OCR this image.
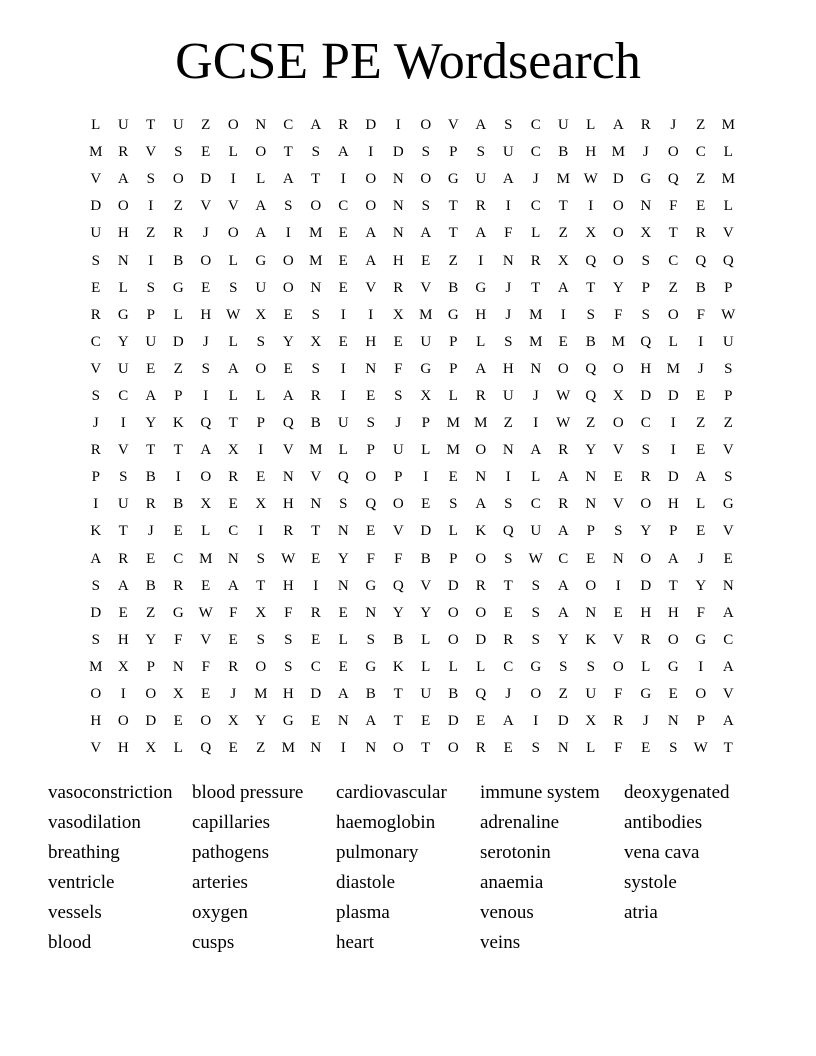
GCSE PE Wordsearch
L	U	T	U	Z	O	N	C	A	R	D	I	O	V	A	S	C	U	L	A	R	J	Z	M
M	R	V	S	E	L	O	T	S	A	I	D	S	P	S	U	C	B	H	M	J	O	C	L
V	A	S	O	D	I	L	A	T	I	O	N	O	G	U	A	J	M W	D	G	Q	Z	M
D	O	I	Z	V	V	A	S	O	C	O	N	S	T	R	I	C	T	I	O	N	F	E	L
U	H	Z	R	J	O	A	I	M	E	A	N	A	T	A	F	L	Z	X	O	X	T	R	V
S	N	I	B	O	L	G	O	M	E	A	H	E	Z	I	N	R	X	Q	O	S	C	Q	Q
E	L	S	G	E	S	U	O	N	E	V	R	V	B	G	J	T	A	T	Y	P	Z	B	P
R	G	P	L	H W	X	E	S	I	I	X	M	G	H	J	M	I	S	F	S	O	F	W
C	Y	U	D	J	L	S	Y	X	E	H	E	U	P	L	S	M	E	B	M	Q	L	I	U
V	U	E	Z	S	A	O	E	S	I	N	F	G	P	A	H	N	O	Q	O	H	M	J	S
S	C	A	P	I	L	L	A	R	I	E	S	X	L	R	U	J	W	Q	X	D	D	E	P
J	I	Y	K	Q	T	P	Q	B	U	S	J	P	M M	Z	I	W	Z	O	C	I	Z	Z
R	V	T	T	A	X	I	V	M	L	P	U	L	M	O	N	A	R	Y	V	S	I	E	V
P	S	B	I	O	R	E	N	V	Q	O	P	I	E	N	I	L	A	N	E	R	D	A	S
I	U	R	B	X	E	X	H	N	S	Q	O	E	S	A	S	C	R	N	V	O	H	L	G
K	T	J	E	L	C	I	R	T	N	E	V	D	L	K	Q	U	A	P	S	Y	P	E	V
A	R	E	C	M	N	S	W	E	Y	F	F	B	P	O	S	W	C	E	N	O	A	J	E
S	A	B	R	E	A	T	H	I	N	G	Q	V	D	R	T	S	A	O	I	D	T	Y	N
D	E	Z	G W	F	X	F	R	E	N	Y	Y	O	O	E	S	A	N	E	H	H	F	A
S	H	Y	F	V	E	S	S	E	L	S	B	L	O	D	R	S	Y	K	V	R	O	G	C
M	X	P	N	F	R	O	S	C	E	G	K	L	L	L	C	G	S	S	O	L	G	I	A
O	I	O	X	E	J	M	H	D	A	B	T	U	B	Q	J	O	Z	U	F	G	E	O	V
H	O	D	E	O	X	Y	G	E	N	A	T	E	D	E	A	I	D	X	R	J	N	P	A
V	H	X	L	Q	E	Z	M	N	I	N	O	T	O	R	E	S	N	L	F	E	S	W	T
vasoconstriction
vasodilation
breathing
ventricle
vessels
blood
blood pressure
capillaries
pathogens
arteries
oxygen
cusps
cardiovascular
haemoglobin
pulmonary
diastole
plasma
heart
immune system
adrenaline
serotonin
anaemia
venous
veins
deoxygenated
antibodies
vena cava
systole
atria
